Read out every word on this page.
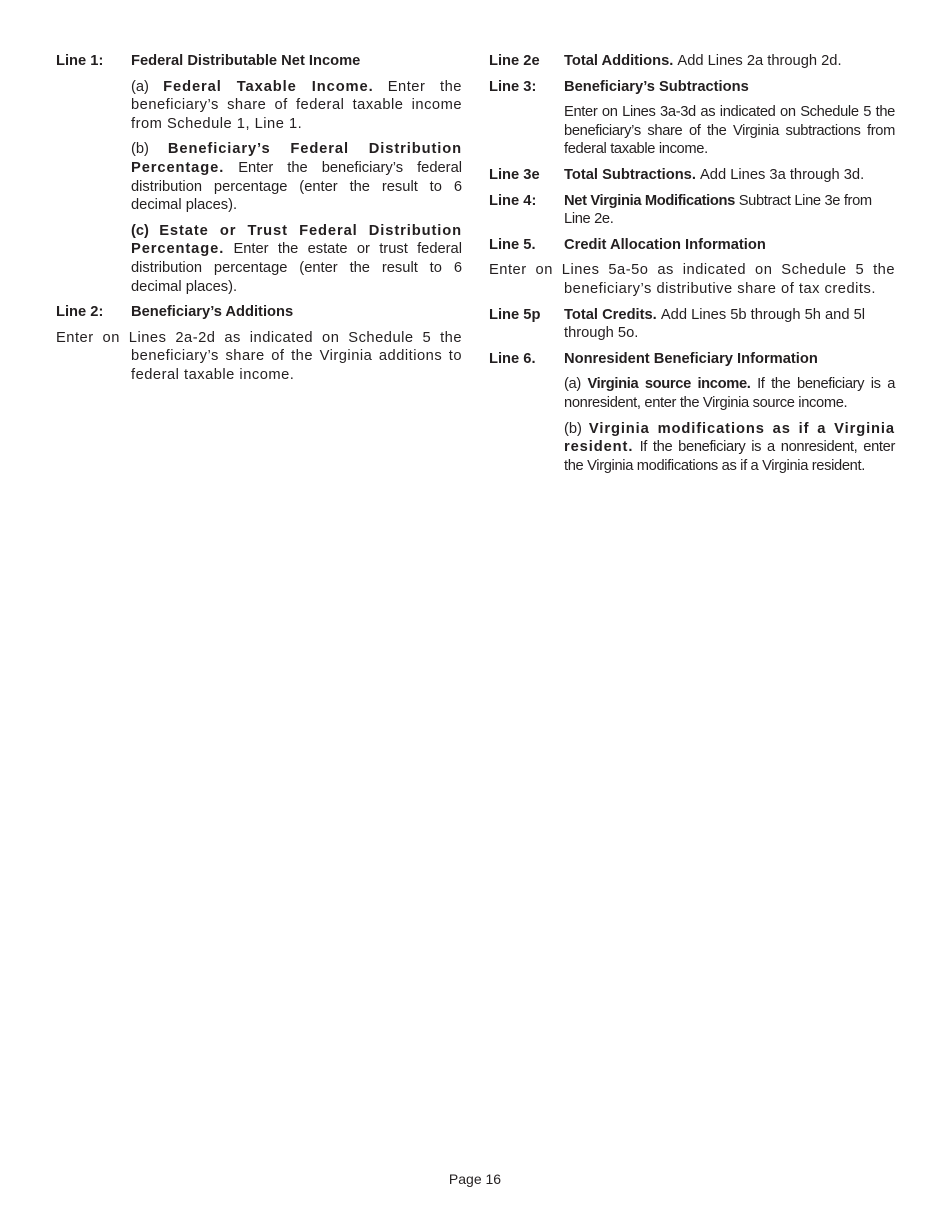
Line 1:	Federal Distributable Net Income
(a) Federal Taxable Income. Enter the beneficiary’s share of federal taxable income from Schedule 1, Line 1.
(b) Beneficiary’s Federal Distribution Percentage. Enter the beneficiary’s federal distribution percentage (enter the result to 6 decimal places).
(c) Estate or Trust Federal Distribution Percentage. Enter the estate or trust federal distribution percentage (enter the result to 6 decimal places).
Line 2:	Beneficiary’s Additions
Enter on Lines 2a-2d as indicated on Schedule 5 the beneficiary’s share of the Virginia additions to federal taxable income.
Line 2e	Total Additions. Add Lines 2a through 2d.
Line 3:	Beneficiary’s Subtractions
Enter on Lines 3a-3d as indicated on Schedule 5 the beneficiary’s share of the Virginia subtractions from federal taxable income.
Line 3e	Total Subtractions. Add Lines 3a through 3d.
Line 4:	Net Virginia Modifications Subtract Line 3e from Line 2e.
Line 5.	Credit Allocation Information
Enter on Lines 5a-5o as indicated on Schedule 5 the beneficiary’s distributive share of tax credits.
Line 5p	Total Credits. Add Lines 5b through 5h and 5l through 5o.
Line 6.	Nonresident Beneficiary Information
(a) Virginia source income. If the beneficiary is a nonresident, enter the Virginia source income.
(b) Virginia modifications as if a Virginia resident. If the beneficiary is a nonresident, enter the Virginia modifications as if a Virginia resident.
Page 16
